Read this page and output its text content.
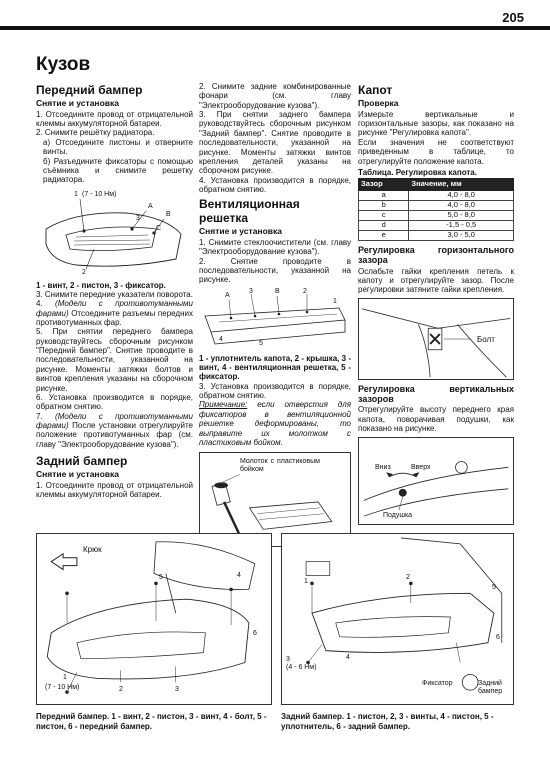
205
Кузов
Передний бампер
Снятие и установка

1. Отсоедините провод от отрицательной клеммы аккумуляторной батареи.

2. Снимите решётку радиатора.

а) Отсоедините пистоны и отверните винты.

б) Разъедините фиксаторы с помощью съёмника и снимите решетку радиатора.

1 (7 - 10 Нм)
A
B
C
3
2

1 - винт, 2 - пистон, 3 - фиксатор.

3. Снимите передние указатели поворота.

4. (Модели с противотуманными фарами) Отсоедините разъемы передних противотуманных фар.

5. При снятии переднего бампера руководствуйтесь сборочным рисунком "Передний бампер". Снятие проводите в последовательности, указанной на рисунке. Моменты затяжки болтов и винтов крепления указаны на сборочном рисунке.

6. Установка производится в порядке, обратном снятию.

7. (Модели с противотуманными фарами) После установки отрегулируйте положение противотуманных фар (см. главу "Электрооборудование кузова").

Задний бампер
Снятие и установка

1. Отсоедините провод от отрицательной клеммы аккумуляторной батареи.

2. Снимите задние комбинированные фонари (см. главу "Электрооборудование кузова").

3. При снятии заднего бампера руководствуйтесь сборочным рисунком "Задний бампер". Снятие проводите в последовательности, указанной на рисунке. Моменты затяжки винтов крепления деталей указаны на сборочном рисунке.

4. Установка производится в порядке, обратном снятию.

Вентиляционная решетка
Снятие и установка

1. Снимите стеклоочистители (см. главу "Электрооборудование кузова").

2. Снятие проводите в последовательности, указанной на рисунке.

A
3	B	2
1
4
5

1 - уплотнитель капота, 2 - крышка, 3 - винт, 4 - вентиляционная решетка, 5 - фиксатор.

3. Установка производится в порядке, обратном снятию.

Примечание: если отверстия для фиксаторов в вентиляционной решетке деформированы, то выправите их молотком с пластиковым бойком.

Молоток с пластиковым бойком
Капот
Проверка

Измерьте вертикальные и горизонтальные зазоры, как показано на рисунке "Регулировка капота".

Если значения не соответствуют приведенным в таблице, то отрегулируйте положение капота.

Таблица. Регулировка капота.

Зазор	Значение, мм
a	4,0 - 8,0
b	4,0 - 8,0
c	5,0 - 8,0
d	-1,5 - 0,5
e	3,0 - 5,0
Регулировка горизонтального зазора

Ослабьте гайки крепления петель к капоту и отрегулируйте зазор. После регулировки затяните гайки крепления.

Болт
Регулировка вертикальных зазоров

Отрегулируйте высоту переднего края капота, поворачивая подушки, как показано на рисунке.

Вниз	Вверх
Подушка
Крюк
(7 - 10 Нм)
1
2	3
4
5
6
Передний бампер. 1 - винт, 2 - пистон, 3 - винт, 4 - болт, 5 - пистон, 6 - передний бампер.
3
(4 - 6 Нм)
1
2
4
5
6
Фиксатор	Задний бампер
Задний бампер. 1 - пистон, 2, 3 - винты, 4 - пистон, 5 - уплотнитель, 6 - задний бампер.
